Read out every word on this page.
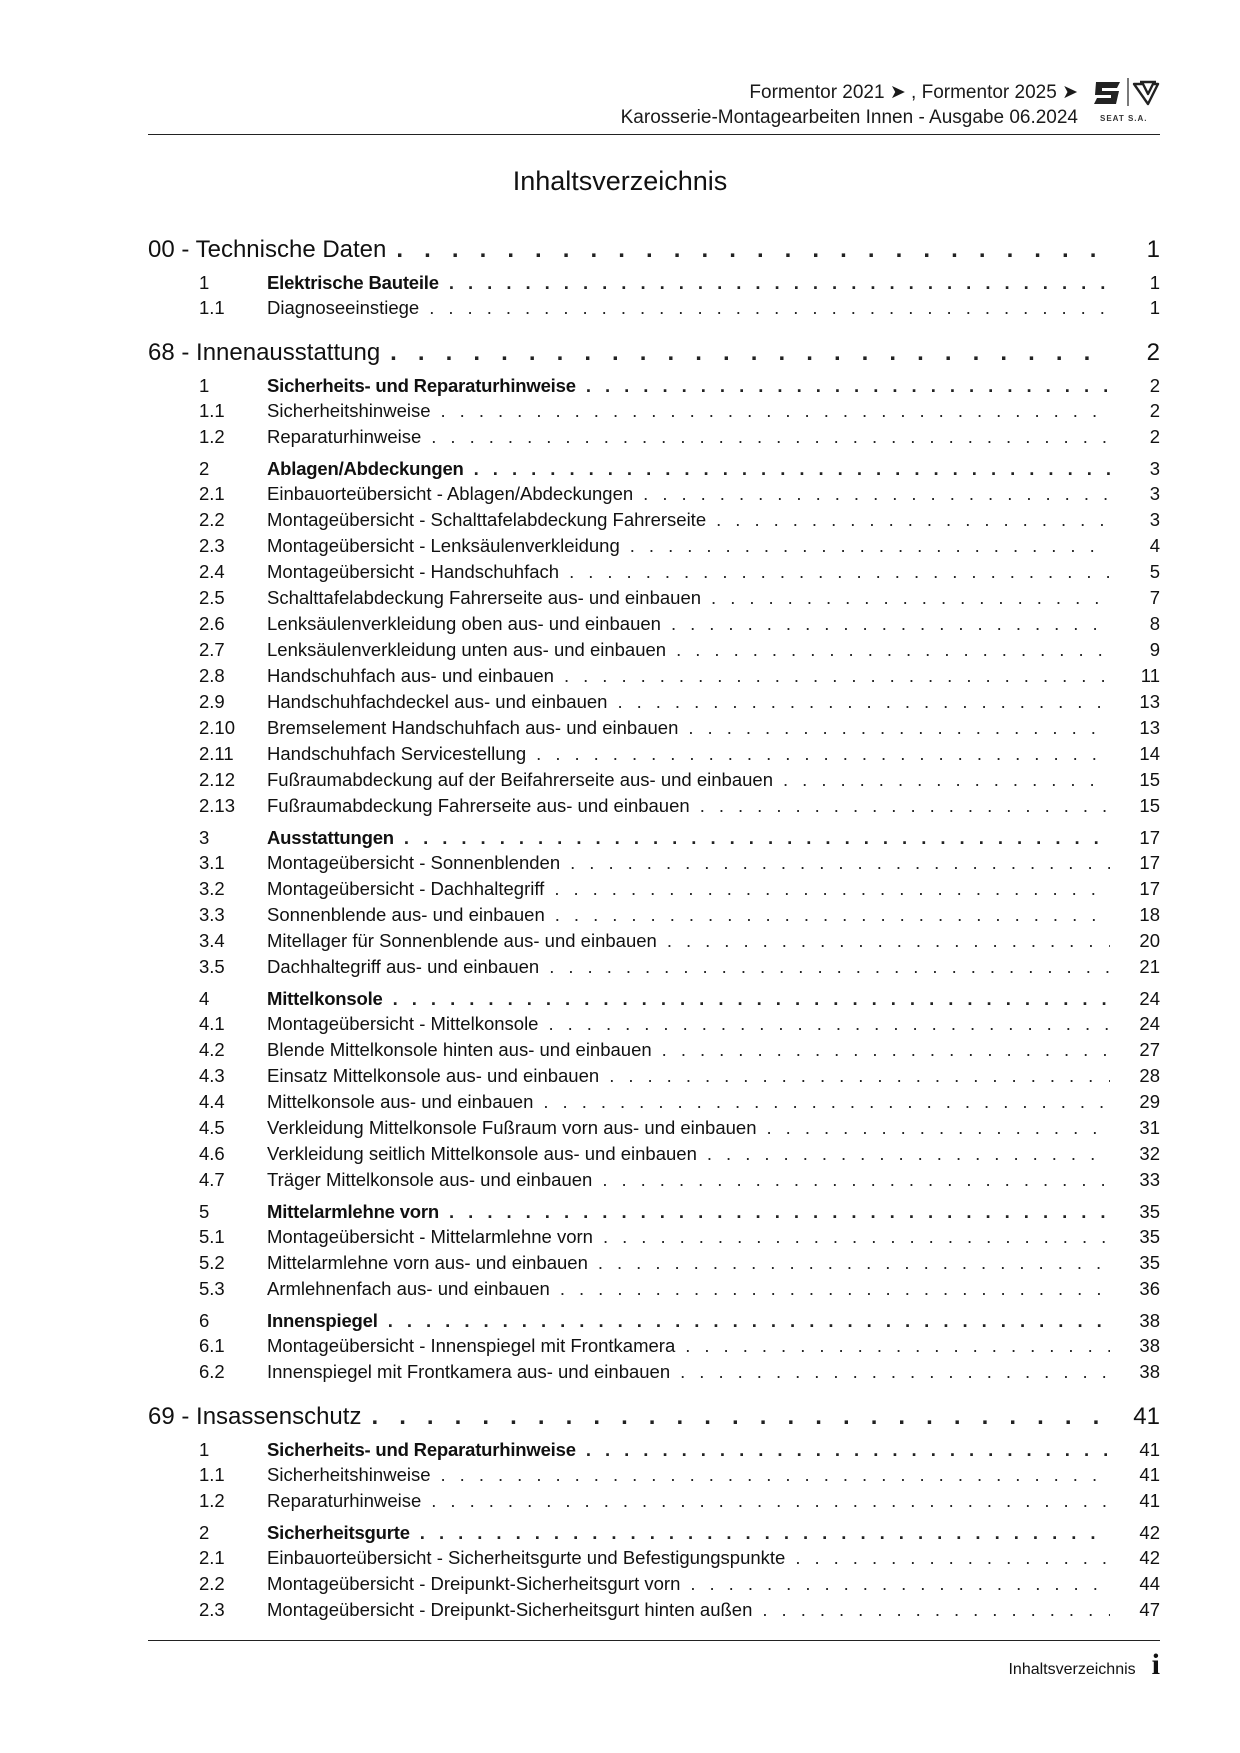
Formentor 2021 ➤ , Formentor 2025 ➤
Karosserie-Montagearbeiten Innen - Ausgabe 06.2024	SEAT S.A.
Inhaltsverzeichnis
00 - Technische Daten . . .	1
1	Elektrische Bauteile . . .	1
1.1	Diagnoseeinstiege . . .	1
68 - Innenausstattung . . .	2
1	Sicherheits- und Reparaturhinweise . . .	2
1.1	Sicherheitshinweise . . .	2
1.2	Reparaturhinweise . . .	2
2	Ablagen/Abdeckungen . . .	3
2.1	Einbauorteübersicht - Ablagen/Abdeckungen . . .	3
2.2	Montageübersicht - Schalttafelabdeckung Fahrerseite . . .	3
2.3	Montageübersicht - Lenksäulenverkleidung . . .	4
2.4	Montageübersicht - Handschuhfach . . .	5
2.5	Schalttafelabdeckung Fahrerseite aus- und einbauen . . .	7
2.6	Lenksäulenverkleidung oben aus- und einbauen . . .	8
2.7	Lenksäulenverkleidung unten aus- und einbauen . . .	9
2.8	Handschuhfach aus- und einbauen . . .	11
2.9	Handschuhfachdeckel aus- und einbauen . . .	13
2.10	Bremselement Handschuhfach aus- und einbauen . . .	13
2.11	Handschuhfach Servicestellung . . .	14
2.12	Fußraumabdeckung auf der Beifahrerseite aus- und einbauen . . .	15
2.13	Fußraumabdeckung Fahrerseite aus- und einbauen . . .	15
3	Ausstattungen . . .	17
3.1	Montageübersicht - Sonnenblenden . . .	17
3.2	Montageübersicht - Dachhaltegriff . . .	17
3.3	Sonnenblende aus- und einbauen . . .	18
3.4	Mitellager für Sonnenblende aus- und einbauen . . .	20
3.5	Dachhaltegriff aus- und einbauen . . .	21
4	Mittelkonsole . . .	24
4.1	Montageübersicht - Mittelkonsole . . .	24
4.2	Blende Mittelkonsole hinten aus- und einbauen . . .	27
4.3	Einsatz Mittelkonsole aus- und einbauen . . .	28
4.4	Mittelkonsole aus- und einbauen . . .	29
4.5	Verkleidung Mittelkonsole Fußraum vorn aus- und einbauen . . .	31
4.6	Verkleidung seitlich Mittelkonsole aus- und einbauen . . .	32
4.7	Träger Mittelkonsole aus- und einbauen . . .	33
5	Mittelarmlehne vorn . . .	35
5.1	Montageübersicht - Mittelarmlehne vorn . . .	35
5.2	Mittelarmlehne vorn aus- und einbauen . . .	35
5.3	Armlehnenfach aus- und einbauen . . .	36
6	Innenspiegel . . .	38
6.1	Montageübersicht - Innenspiegel mit Frontkamera . . .	38
6.2	Innenspiegel mit Frontkamera aus- und einbauen . . .	38
69 - Insassenschutz . . .	41
1	Sicherheits- und Reparaturhinweise . . .	41
1.1	Sicherheitshinweise . . .	41
1.2	Reparaturhinweise . . .	41
2	Sicherheitsgurte . . .	42
2.1	Einbauorteübersicht - Sicherheitsgurte und Befestigungspunkte . . .	42
2.2	Montageübersicht - Dreipunkt-Sicherheitsgurt vorn . . .	44
2.3	Montageübersicht - Dreipunkt-Sicherheitsgurt hinten außen . . .	47
Inhaltsverzeichnis i
